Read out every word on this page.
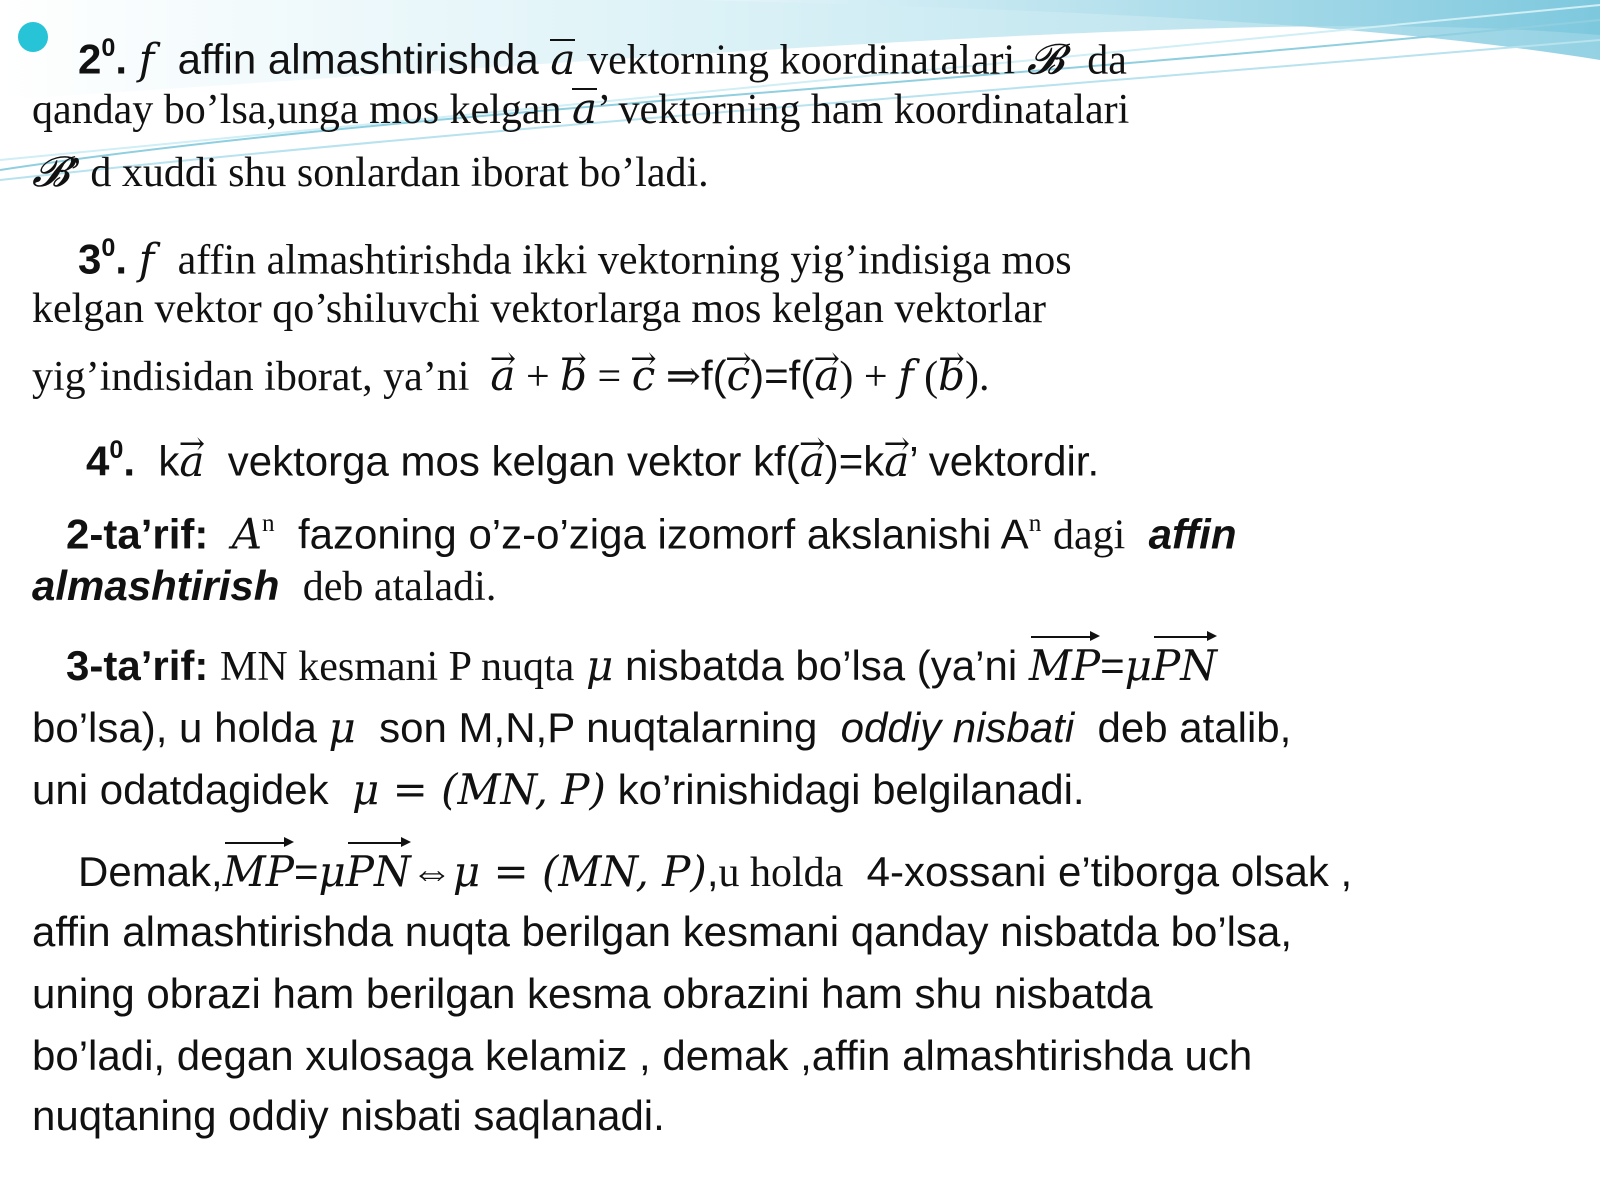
$2^0$. f affin almashtirishda a vektorning koordinatalari 𝓑 da
qanday bo’lsa,unga mos kelgan a’ vektorning ham koordinatalari
𝓑’ d xuddi shu sonlardan iborat bo’ladi.
$3^0$. f affin almashtirishda ikki vektorning yig’indisiga mos
kelgan vektor qo’shiluvchi vektorlarga mos kelgan vektorlar
yig’indisidan iborat, ya’ni  → a + → b = → c ⇒f(→ c)=f(→ a) + f (→ b).
$4^0$. k→ a vektorga mos kelgan vektor kf(→ a)=k→ a’ vektordir.
2-ta’rif: $A^n$ fazoning o’z-o’ziga izomorf akslanishi $A^n$ dagi affin
almashtirish deb ataladi.
3-ta’rif: MN kesmani P nuqta μ nisbatda bo’lsa (ya’ni MP=μPN
bo’lsa), u holda μ son M,N,P nuqtalarning oddiy nisbati deb atalib,
uni odatdagidek μ = (MN, P) ko’rinishidagi belgilanadi.
Demak,MP=μPN⇔μ = (MN, P),u holda 4-xossani e’tiborga olsak ,
affin almashtirishda nuqta berilgan kesmani qanday nisbatda bo’lsa,
uning obrazi ham berilgan kesma obrazini ham shu nisbatda
bo’ladi, degan xulosaga kelamiz , demak ,affin almashtirishda uch
nuqtaning oddiy nisbati saqlanadi.
